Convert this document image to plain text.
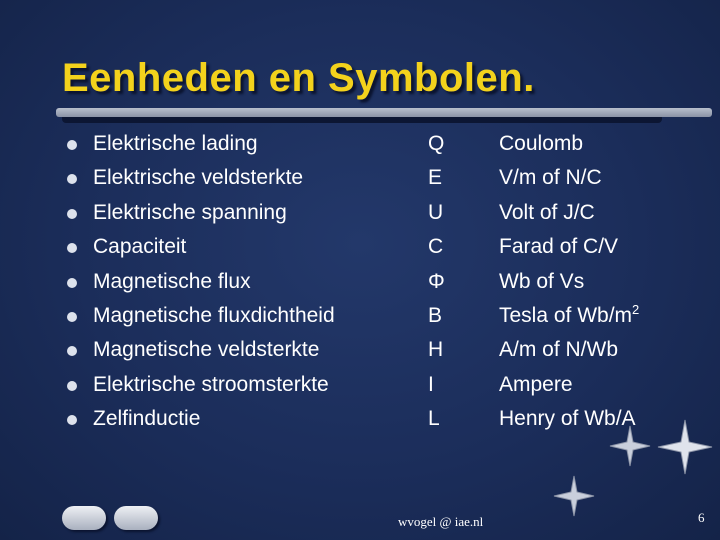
Eenheden en Symbolen.
Elektrische lading	Q	Coulomb
Elektrische veldsterkte	E	V/m of N/C
Elektrische spanning	U	Volt of J/C
Capaciteit	C	Farad of C/V
Magnetische flux	Φ	Wb of Vs
Magnetische fluxdichtheid	B	Tesla of $Wb/m^2$
Magnetische veldsterkte	H	A/m of N/Wb
Elektrische stroomsterkte	I	Ampere
Zelfinductie	L	Henry of Wb/A
wvogel @ iae.nl	6
